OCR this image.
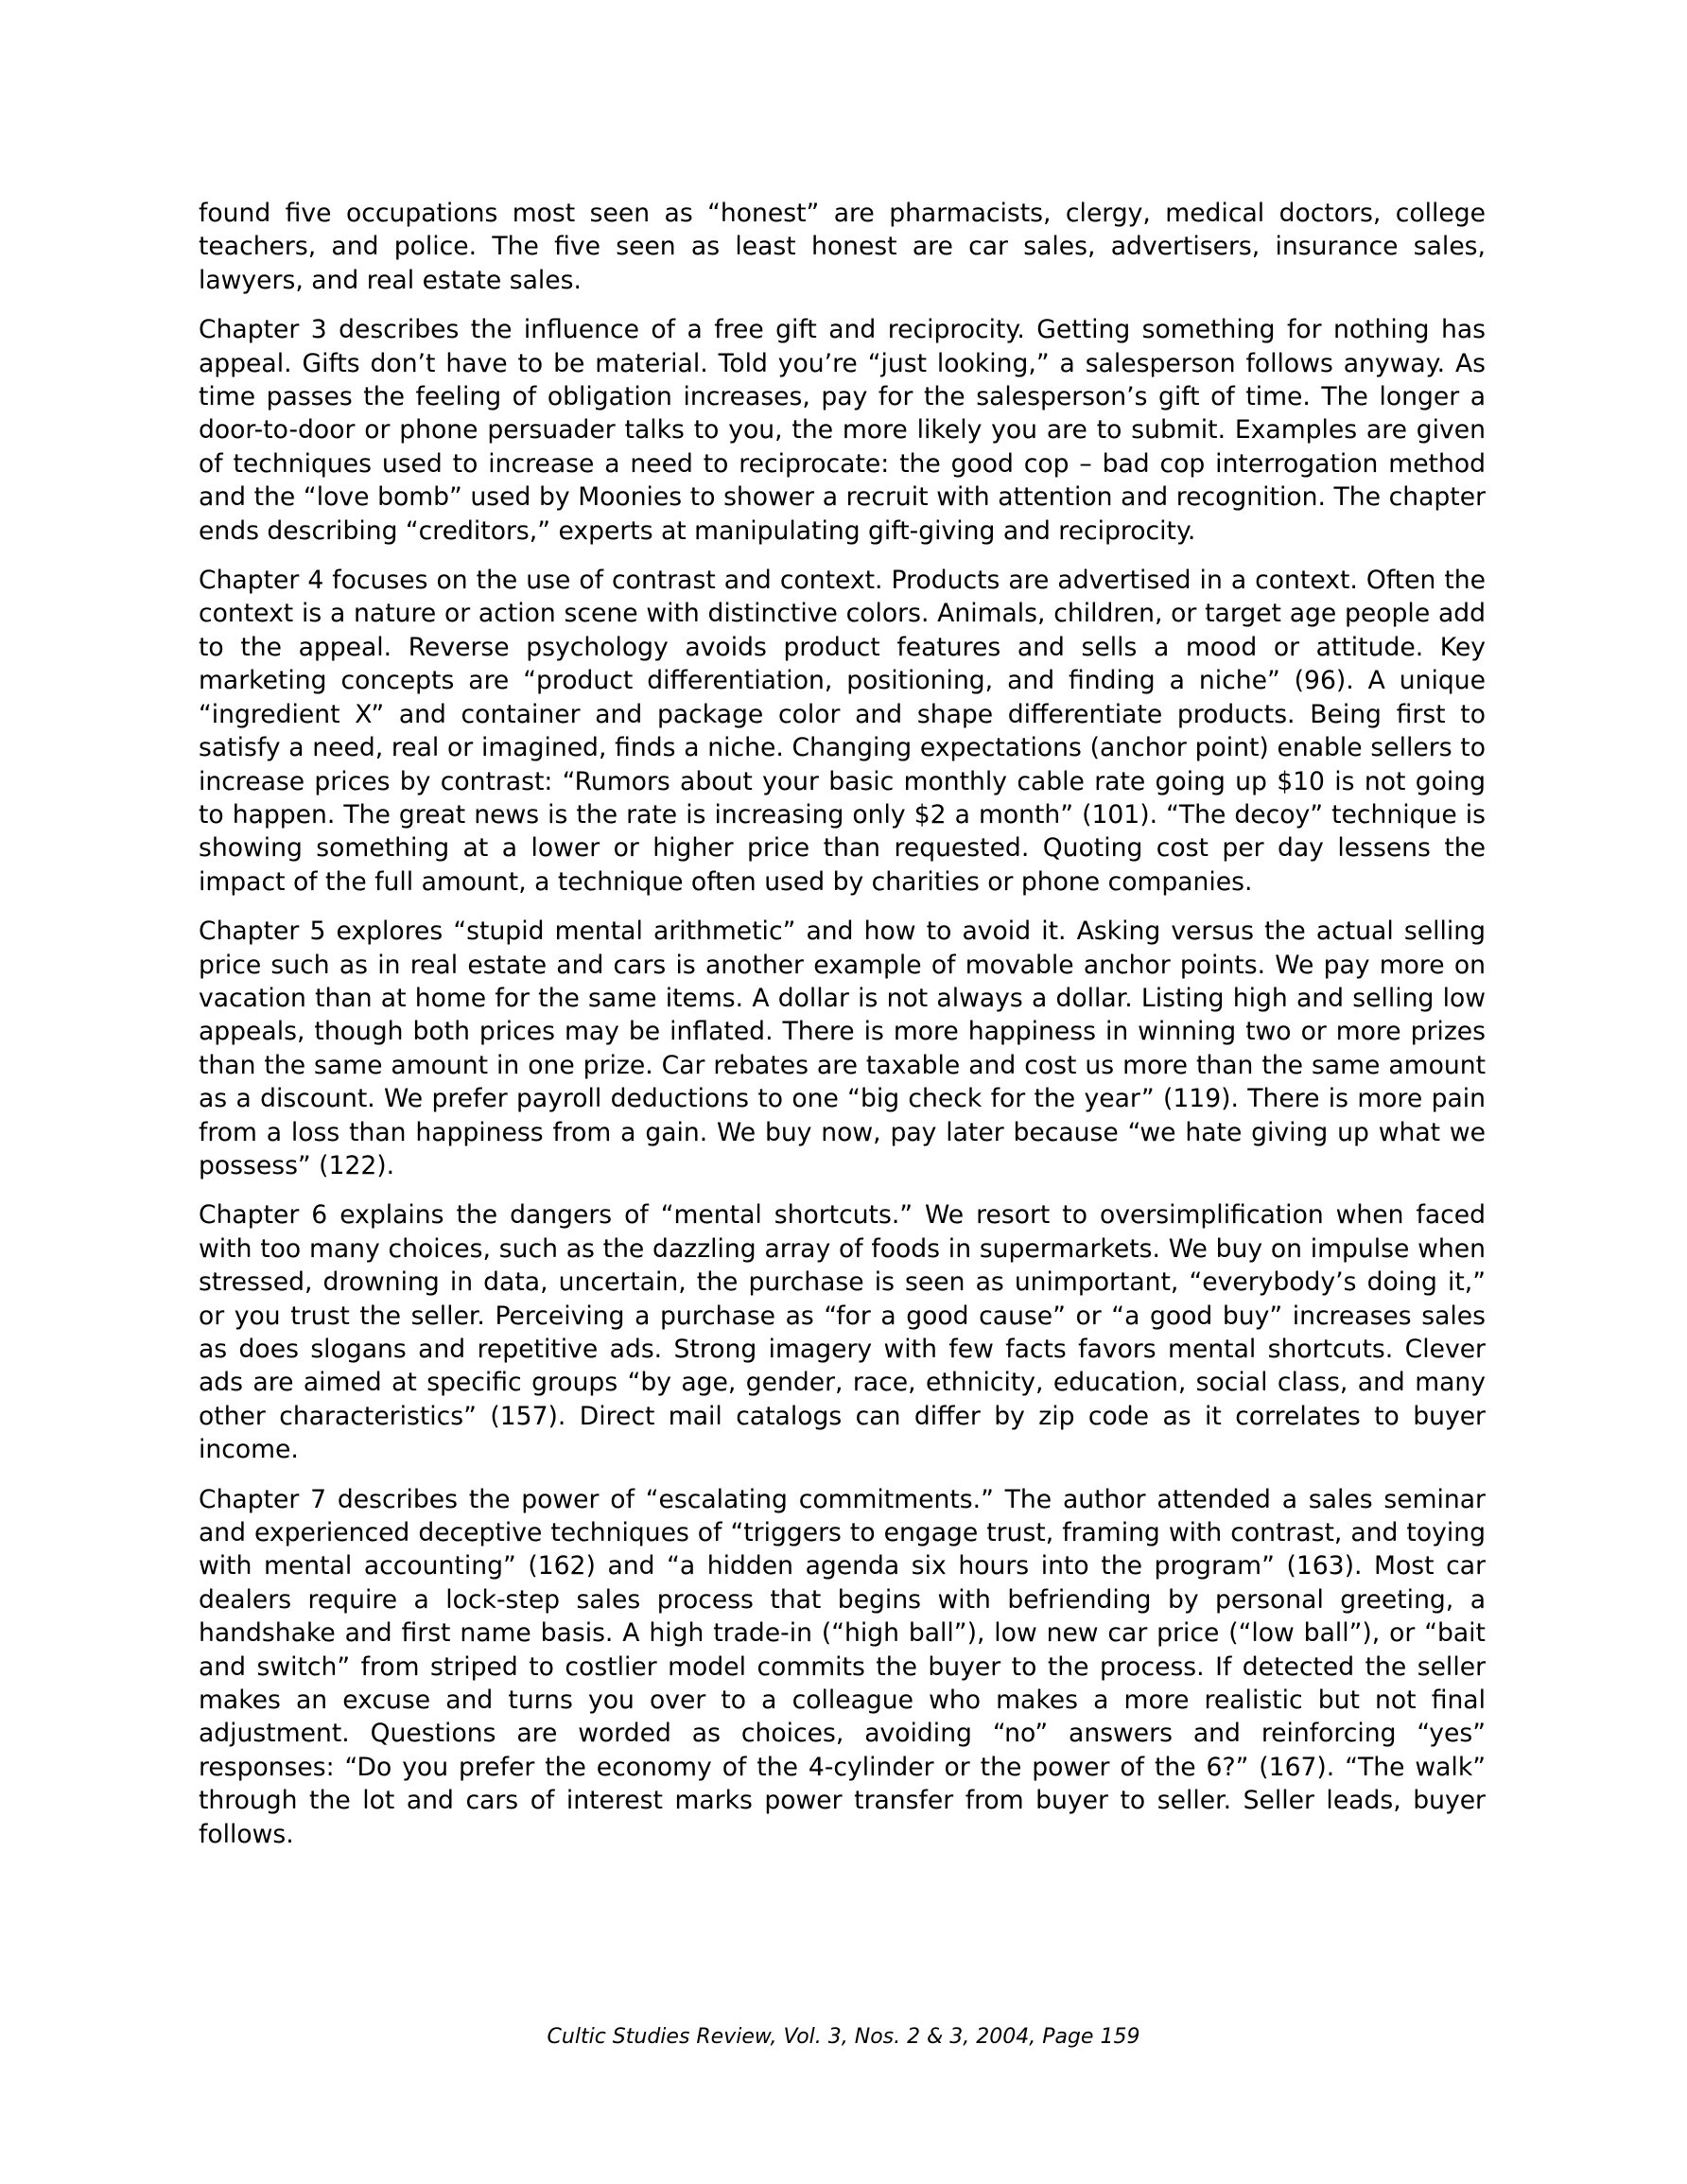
found five occupations most seen as “honest” are pharmacists, clergy, medical doctors, college teachers, and police. The five seen as least honest are car sales, advertisers, insurance sales, lawyers, and real estate sales.

Chapter 3 describes the influence of a free gift and reciprocity. Getting something for nothing has appeal. Gifts don’t have to be material. Told you’re “just looking,” a salesperson follows anyway. As time passes the feeling of obligation increases, pay for the salesperson’s gift of time. The longer a door-to-door or phone persuader talks to you, the more likely you are to submit. Examples are given of techniques used to increase a need to reciprocate: the good cop – bad cop interrogation method and the “love bomb” used by Moonies to shower a recruit with attention and recognition. The chapter ends describing “creditors,” experts at manipulating gift-giving and reciprocity.

Chapter 4 focuses on the use of contrast and context. Products are advertised in a context. Often the context is a nature or action scene with distinctive colors. Animals, children, or target age people add to the appeal. Reverse psychology avoids product features and sells a mood or attitude. Key marketing concepts are “product differentiation, positioning, and finding a niche” (96). A unique “ingredient X” and container and package color and shape differentiate products. Being first to satisfy a need, real or imagined, finds a niche. Changing expectations (anchor point) enable sellers to increase prices by contrast: “Rumors about your basic monthly cable rate going up $10 is not going to happen. The great news is the rate is increasing only $2 a month” (101). “The decoy” technique is showing something at a lower or higher price than requested. Quoting cost per day lessens the impact of the full amount, a technique often used by charities or phone companies.

Chapter 5 explores “stupid mental arithmetic” and how to avoid it. Asking versus the actual selling price such as in real estate and cars is another example of movable anchor points. We pay more on vacation than at home for the same items. A dollar is not always a dollar. Listing high and selling low appeals, though both prices may be inflated. There is more happiness in winning two or more prizes than the same amount in one prize. Car rebates are taxable and cost us more than the same amount as a discount. We prefer payroll deductions to one “big check for the year” (119). There is more pain from a loss than happiness from a gain. We buy now, pay later because “we hate giving up what we possess” (122).

Chapter 6 explains the dangers of “mental shortcuts.” We resort to oversimplification when faced with too many choices, such as the dazzling array of foods in supermarkets. We buy on impulse when stressed, drowning in data, uncertain, the purchase is seen as unimportant, “everybody’s doing it,” or you trust the seller. Perceiving a purchase as “for a good cause” or “a good buy” increases sales as does slogans and repetitive ads. Strong imagery with few facts favors mental shortcuts. Clever ads are aimed at specific groups “by age, gender, race, ethnicity, education, social class, and many other characteristics” (157). Direct mail catalogs can differ by zip code as it correlates to buyer income.

Chapter 7 describes the power of “escalating commitments.” The author attended a sales seminar and experienced deceptive techniques of “triggers to engage trust, framing with contrast, and toying with mental accounting” (162) and “a hidden agenda six hours into the program” (163). Most car dealers require a lock-step sales process that begins with befriending by personal greeting, a handshake and first name basis. A high trade-in (“high ball”), low new car price (“low ball”), or “bait and switch” from striped to costlier model commits the buyer to the process. If detected the seller makes an excuse and turns you over to a colleague who makes a more realistic but not final adjustment. Questions are worded as choices, avoiding “no” answers and reinforcing “yes” responses: “Do you prefer the economy of the 4-cylinder or the power of the 6?” (167). “The walk” through the lot and cars of interest marks power transfer from buyer to seller. Seller leads, buyer follows.

Cultic Studies Review, Vol. 3, Nos. 2 & 3, 2004, Page 159
